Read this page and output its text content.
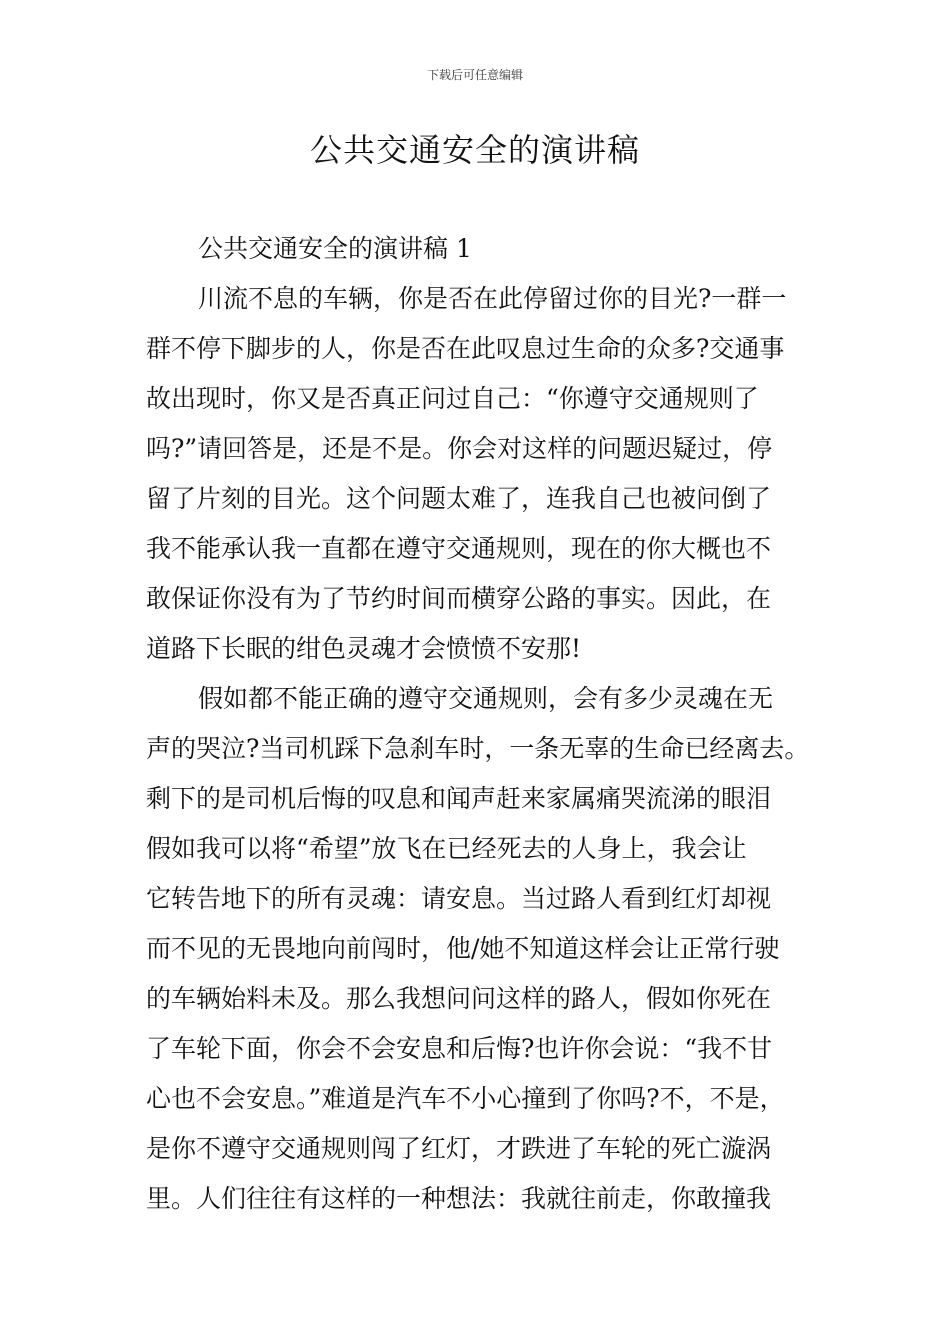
下载后可任意编辑
公共交通安全的演讲稿
公共交通安全的演讲稿 1
川流不息的车辆，你是否在此停留过你的目光?一群一
群不停下脚步的人，你是否在此叹息过生命的众多?交通事
故出现时，你又是否真正问过自己：“你遵守交通规则了
吗?”请回答是，还是不是。你会对这样的问题迟疑过，停
留了片刻的目光。这个问题太难了，连我自己也被问倒了
我不能承认我一直都在遵守交通规则，现在的你大概也不
敢保证你没有为了节约时间而横穿公路的事实。因此，在
道路下长眠的绀色灵魂才会愤愤不安那!
假如都不能正确的遵守交通规则，会有多少灵魂在无
声的哭泣?当司机踩下急刹车时，一条无辜的生命已经离去。
剩下的是司机后悔的叹息和闻声赶来家属痛哭流涕的眼泪
假如我可以将“希望”放飞在已经死去的人身上，我会让
它转告地下的所有灵魂：请安息。当过路人看到红灯却视
而不见的无畏地向前闯时，他/她不知道这样会让正常行驶
的车辆始料未及。那么我想问问这样的路人，假如你死在
了车轮下面，你会不会安息和后悔?也许你会说：“我不甘
心也不会安息。”难道是汽车不小心撞到了你吗?不，不是，
是你不遵守交通规则闯了红灯，才跌进了车轮的死亡漩涡
里。人们往往有这样的一种想法：我就往前走，你敢撞我
